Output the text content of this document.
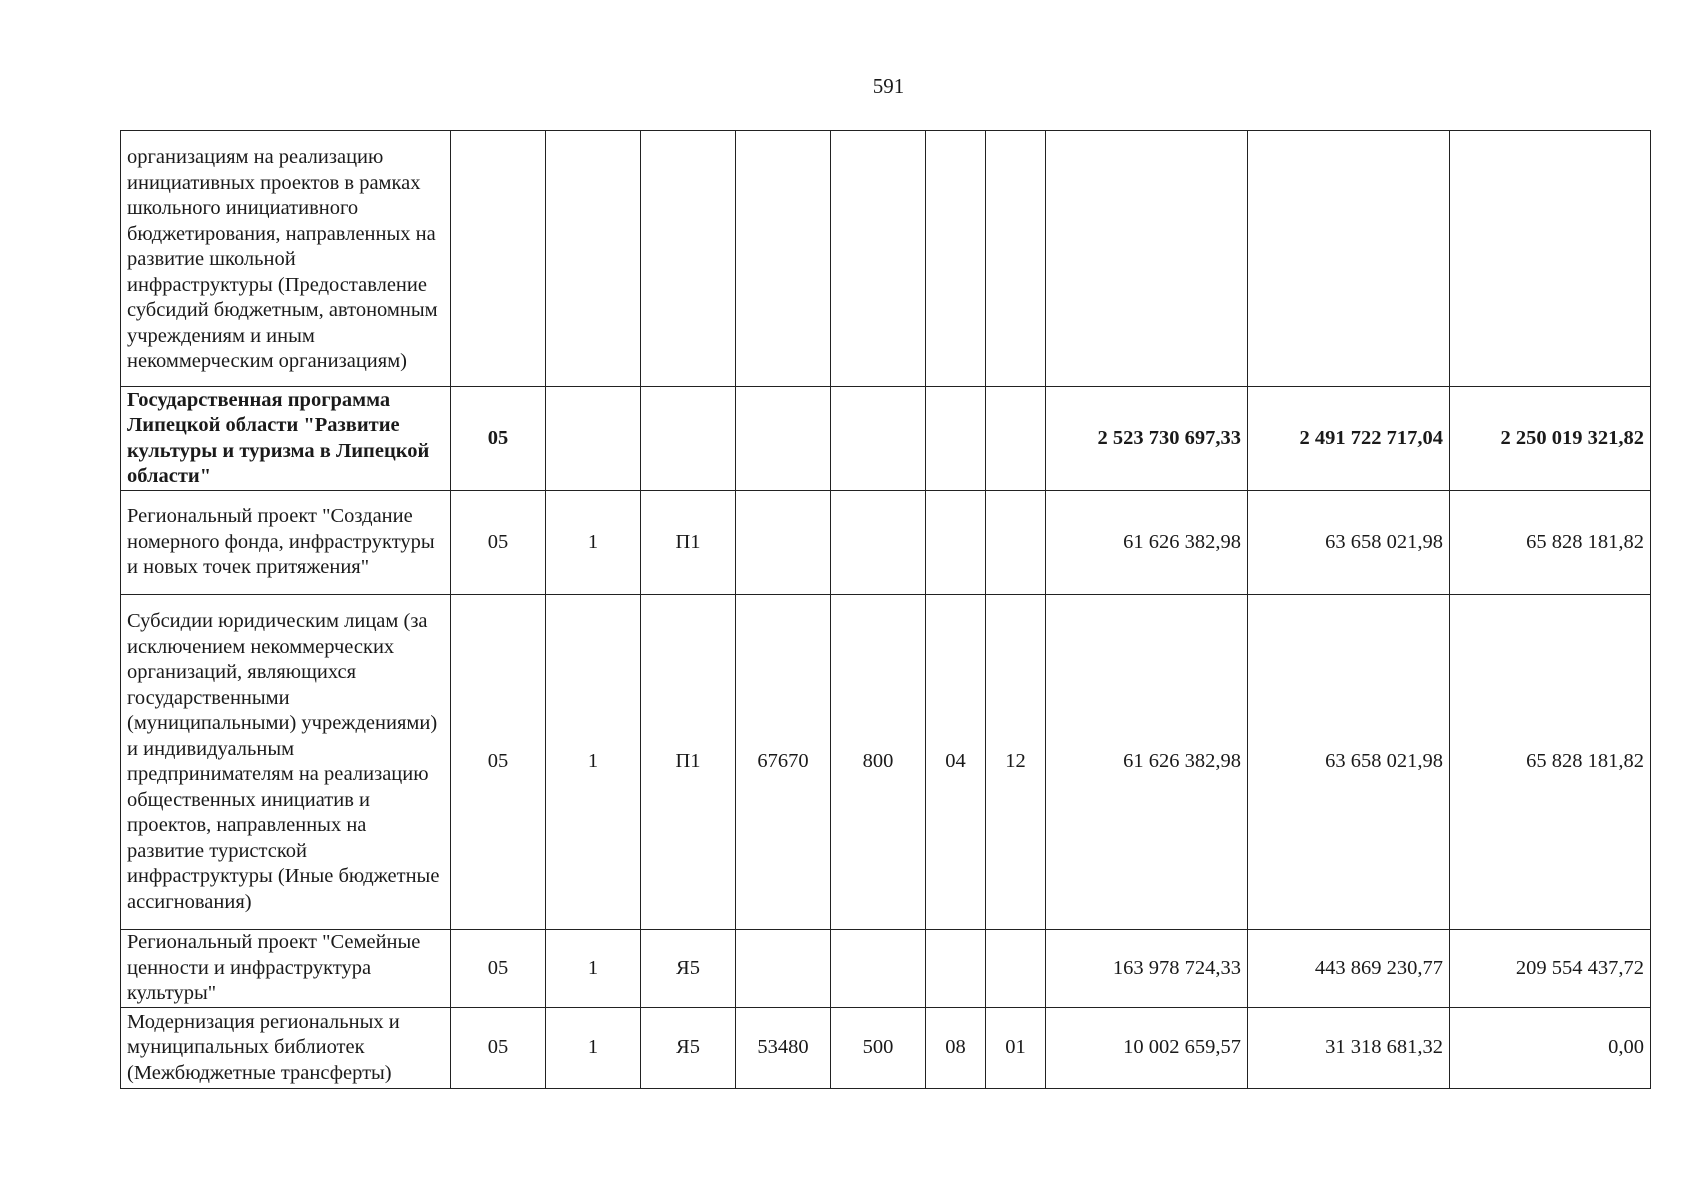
591
организациям на реализацию инициативных проектов в рамках школьного инициативного бюджетирования, направленных на развитие школьной инфраструктуры (Предоставление субсидий бюджетным, автономным учреждениям и иным некоммерческим организациям)										
Государственная программа Липецкой области "Развитие культуры и туризма в Липецкой области"	05							2 523 730 697,33	2 491 722 717,04	2 250 019 321,82
Региональный проект "Создание номерного фонда, инфраструктуры и новых точек притяжения"	05	1	П1					61 626 382,98	63 658 021,98	65 828 181,82
Субсидии юридическим лицам (за исключением некоммерческих организаций, являющихся государственными (муниципальными) учреждениями) и индивидуальным предпринимателям на реализацию общественных инициатив и проектов, направленных на развитие туристской инфраструктуры (Иные бюджетные ассигнования)	05	1	П1	67670	800	04	12	61 626 382,98	63 658 021,98	65 828 181,82
Региональный проект "Семейные ценности и инфраструктура культуры"	05	1	Я5					163 978 724,33	443 869 230,77	209 554 437,72
Модернизация региональных и муниципальных библиотек (Межбюджетные трансферты)	05	1	Я5	53480	500	08	01	10 002 659,57	31 318 681,32	0,00
